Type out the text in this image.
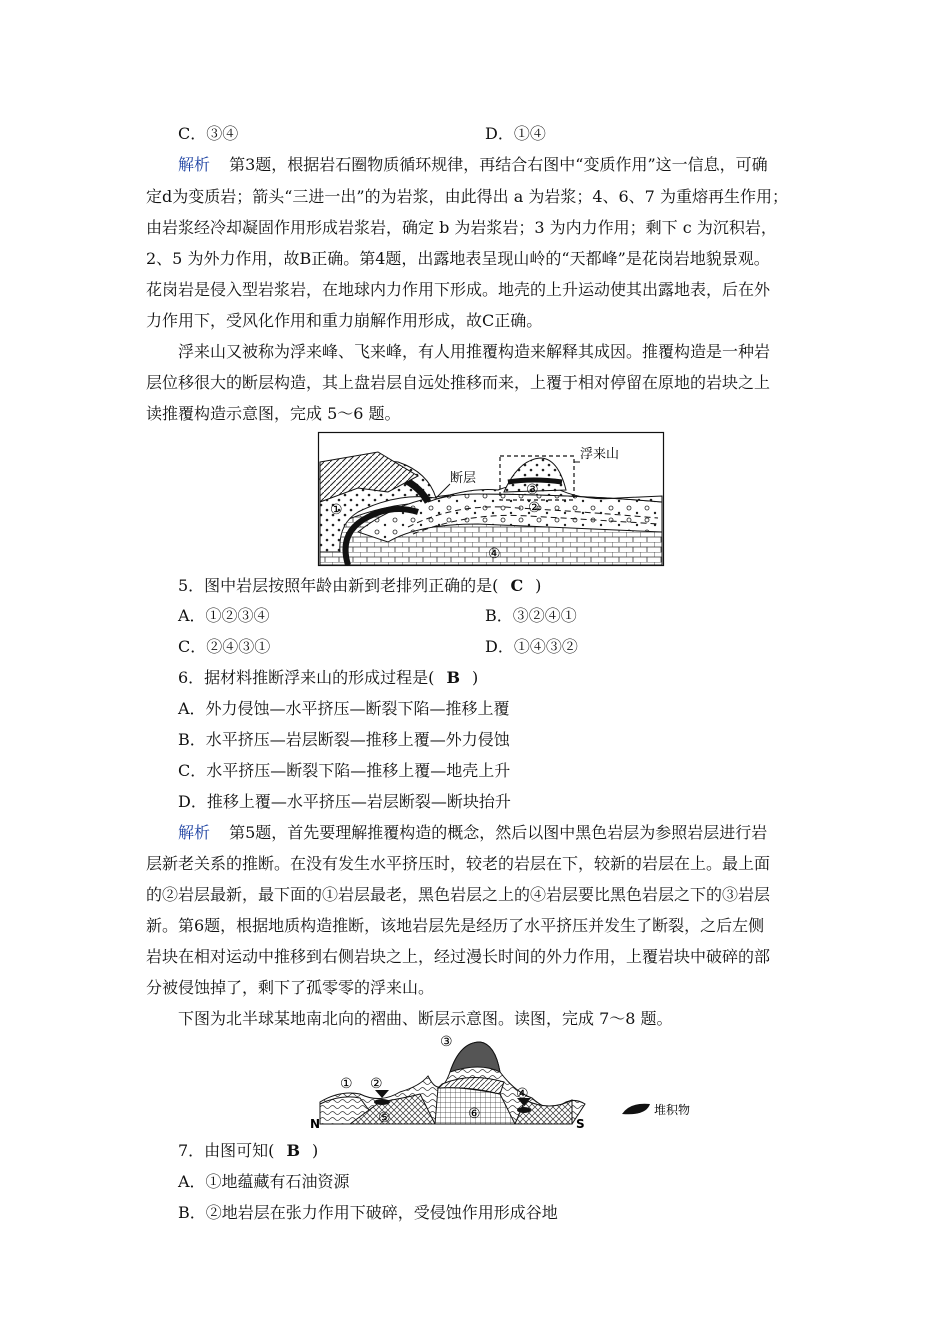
C．③④	D．①④
解析 第3题，根据岩石圈物质循环规律，再结合右图中“变质作用”这一信息，可确
定d为变质岩；箭头“三进一出”的为岩浆，由此得出 a 为岩浆；4、6、7 为重熔再生作用；
由岩浆经冷却凝固作用形成岩浆岩，确定 b 为岩浆岩；3 为内力作用；剩下 c 为沉积岩，
2、5 为外力作用，故B正确。第4题，出露地表呈现山岭的“天都峰”是花岗岩地貌景观。
花岗岩是侵入型岩浆岩，在地球内力作用下形成。地壳的上升运动使其出露地表，后在外
力作用下，受风化作用和重力崩解作用形成，故C正确。
浮来山又被称为浮来峰、飞来峰，有人用推覆构造来解释其成因。推覆构造是一种岩
层位移很大的断层构造，其上盘岩层自远处推移而来，上覆于相对停留在原地的岩块之上
读推覆构造示意图，完成 5～6 题。
浮来山
断层
①	②
③
④
5．图中岩层按照年龄由新到老排列正确的是( C )
A．①②③④	B．③②④①
C．②④③①	D．①④③②
6．据材料推断浮来山的形成过程是( B )
A．外力侵蚀—水平挤压—断裂下陷—推移上覆
B．水平挤压—岩层断裂—推移上覆—外力侵蚀
C．水平挤压—断裂下陷—推移上覆—地壳上升
D．推移上覆—水平挤压—岩层断裂—断块抬升
解析 第5题，首先要理解推覆构造的概念，然后以图中黑色岩层为参照岩层进行岩
层新老关系的推断。在没有发生水平挤压时，较老的岩层在下，较新的岩层在上。最上面
的②岩层最新，最下面的①岩层最老，黑色岩层之上的④岩层要比黑色岩层之下的③岩层
新。第6题，根据地质构造推断，该地岩层先是经历了水平挤压并发生了断裂，之后左侧
岩块在相对运动中推移到右侧岩块之上，经过漫长时间的外力作用，上覆岩块中破碎的部
分被侵蚀掉了，剩下了孤零零的浮来山。
下图为北半球某地南北向的褶曲、断层示意图。读图，完成 7～8 题。
① ②
③
④
⑤	⑥
N	S
堆积物
7．由图可知( B )
A．①地蕴藏有石油资源
B．②地岩层在张力作用下破碎，受侵蚀作用形成谷地
